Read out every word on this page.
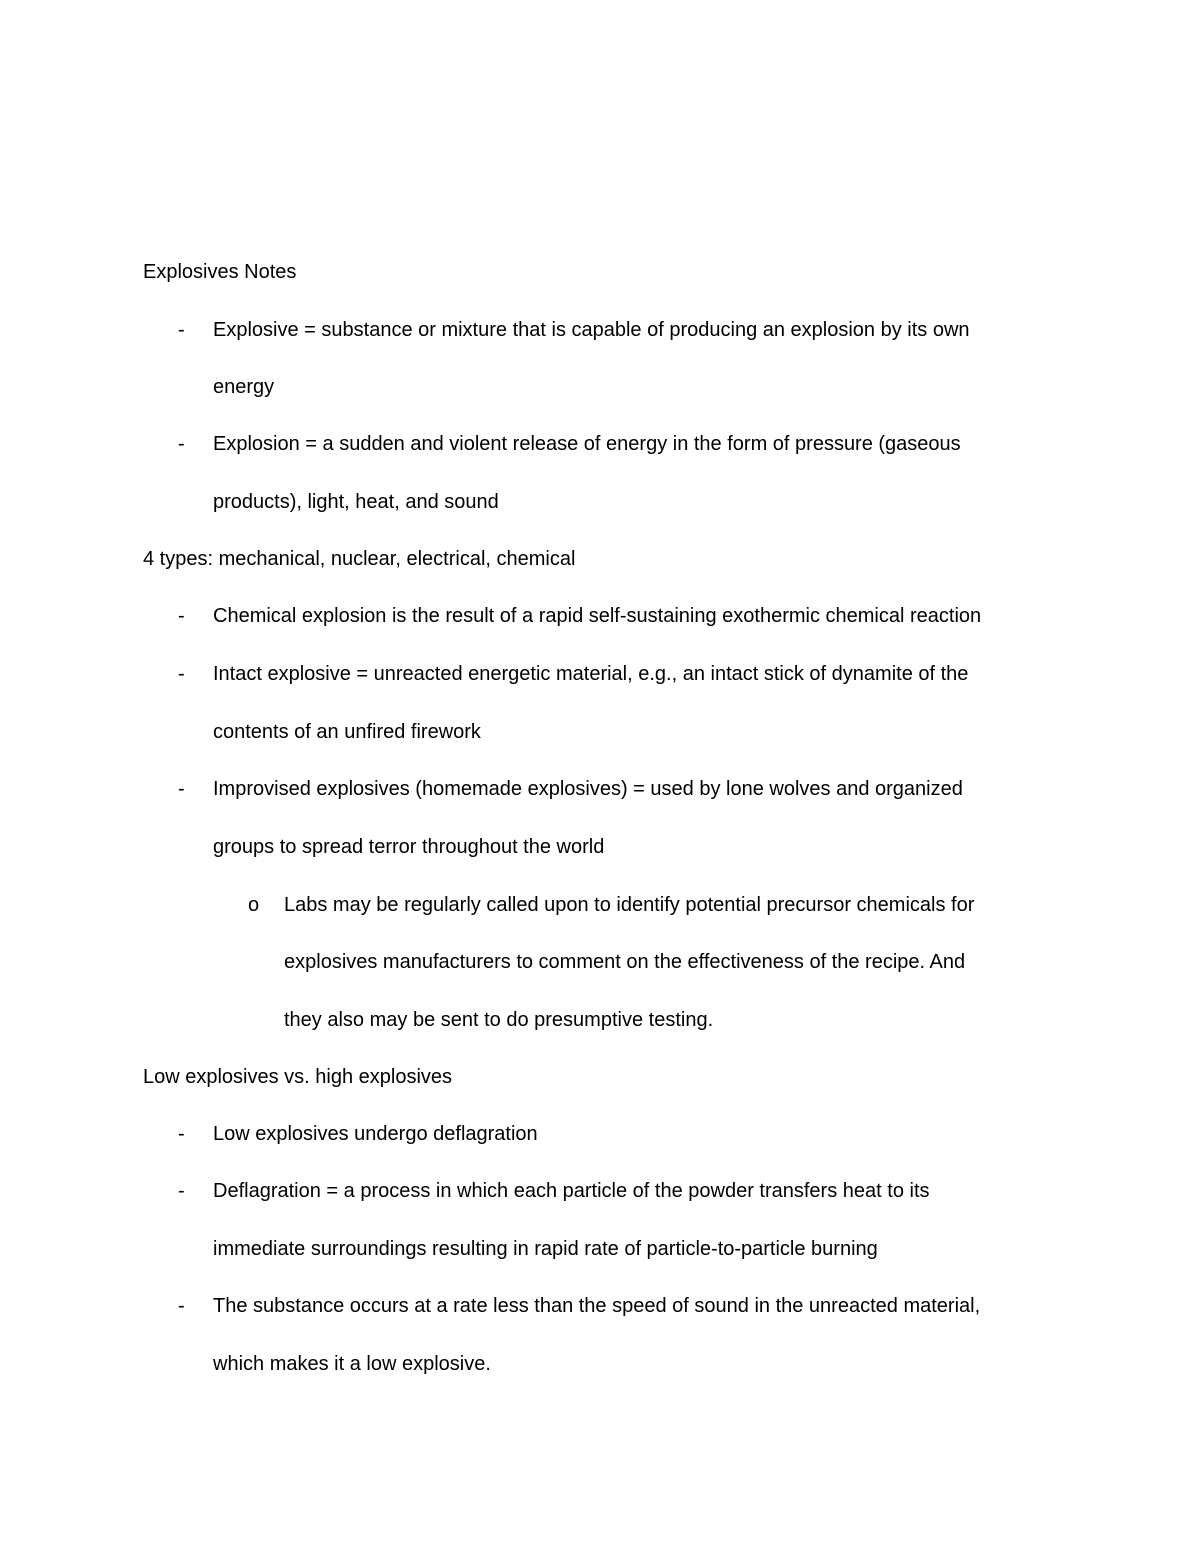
Explosives Notes
- Explosive = substance or mixture that is capable of producing an explosion by its own
energy
- Explosion = a sudden and violent release of energy in the form of pressure (gaseous
products), light, heat, and sound
4 types: mechanical, nuclear, electrical, chemical
- Chemical explosion is the result of a rapid self-sustaining exothermic chemical reaction
- Intact explosive = unreacted energetic material, e.g., an intact stick of dynamite of the
contents of an unfired firework
- Improvised explosives (homemade explosives) = used by lone wolves and organized
groups to spread terror throughout the world
o Labs may be regularly called upon to identify potential precursor chemicals for
explosives manufacturers to comment on the effectiveness of the recipe. And
they also may be sent to do presumptive testing.
Low explosives vs. high explosives
- Low explosives undergo deflagration
- Deflagration = a process in which each particle of the powder transfers heat to its
immediate surroundings resulting in rapid rate of particle-to-particle burning
- The substance occurs at a rate less than the speed of sound in the unreacted material,
which makes it a low explosive.
